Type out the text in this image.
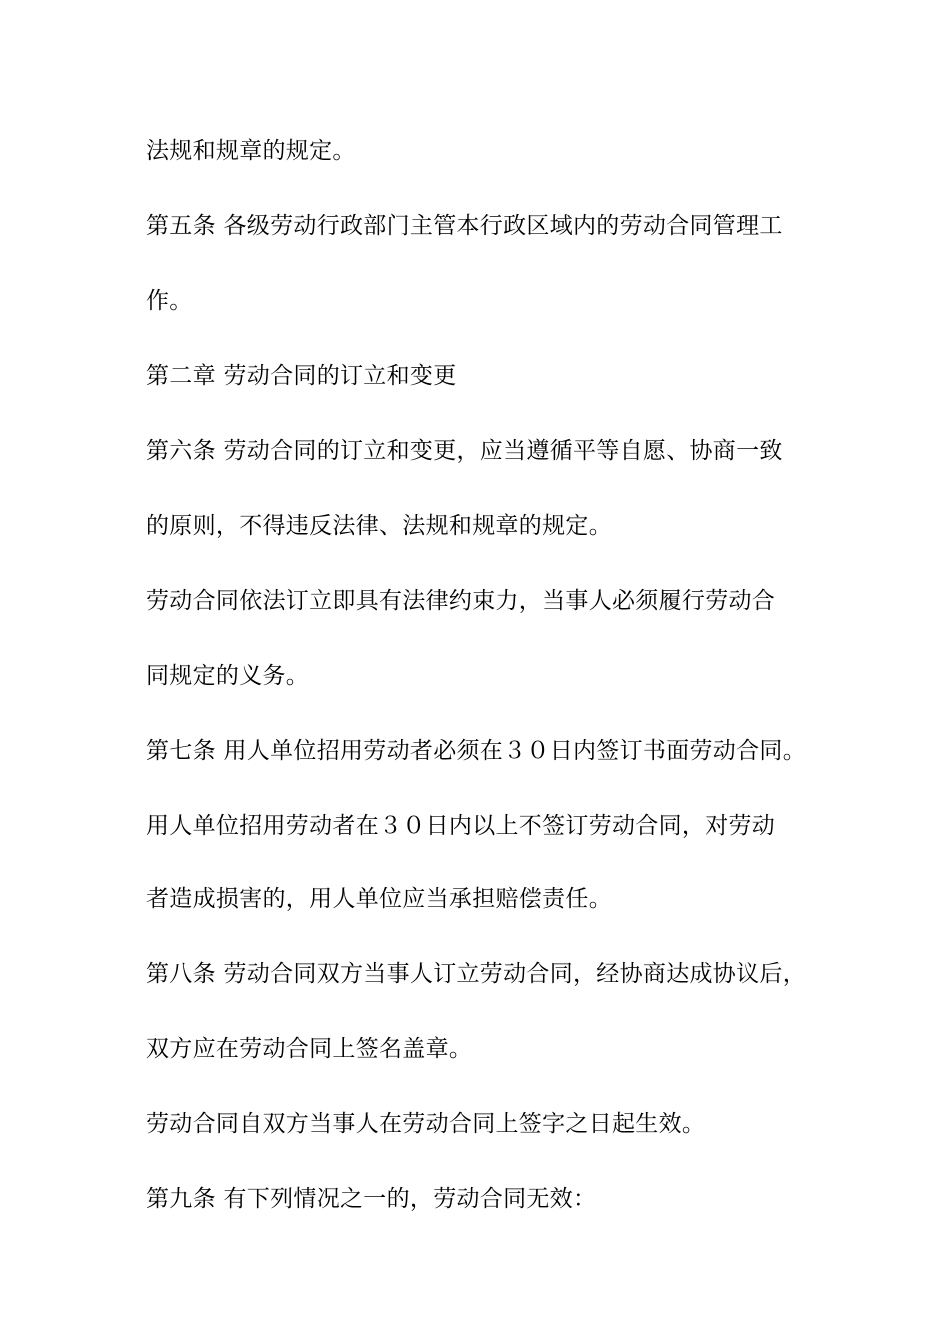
法规和规章的规定。

第五条 各级劳动行政部门主管本行政区域内的劳动合同管理工

作。

第二章 劳动合同的订立和变更

第六条 劳动合同的订立和变更，应当遵循平等自愿、协商一致

的原则，不得违反法律、法规和规章的规定。

劳动合同依法订立即具有法律约束力，当事人必须履行劳动合

同规定的义务。

第七条 用人单位招用劳动者必须在３０日内签订书面劳动合同。

用人单位招用劳动者在３０日内以上不签订劳动合同，对劳动

者造成损害的，用人单位应当承担赔偿责任。

第八条 劳动合同双方当事人订立劳动合同，经协商达成协议后，

双方应在劳动合同上签名盖章。

劳动合同自双方当事人在劳动合同上签字之日起生效。

第九条 有下列情况之一的，劳动合同无效：
